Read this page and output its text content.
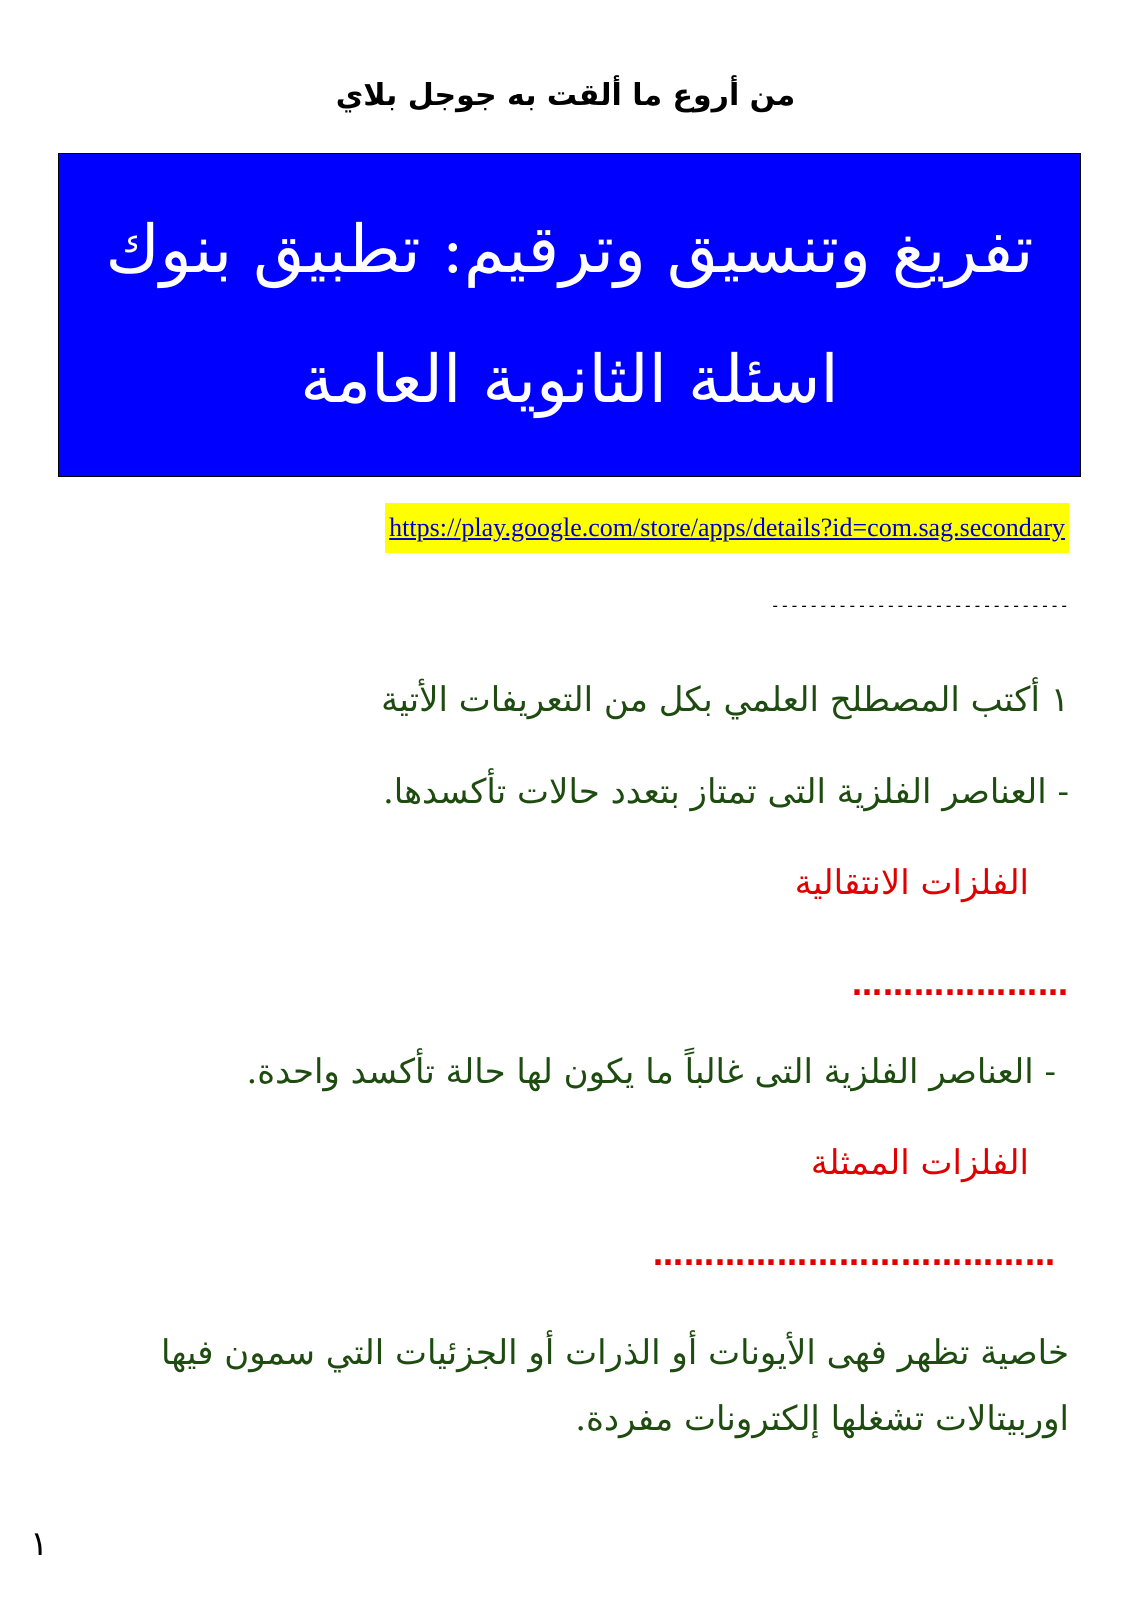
من أروع ما ألقت به جوجل بلاي
تفريغ وتنسيق وترقيم: تطبيق بنوك اسئلة الثانوية العامة
https://play.google.com/store/apps/details?id=com.sag.secondary
-------------------------------
١ أكتب المصطلح العلمي بكل من التعريفات الأتية
- العناصر الفلزية التى تمتاز بتعدد حالات تأكسدها.
الفلزات الانتقالية
…………………
- العناصر الفلزية التى غالباً ما يكون لها حالة تأكسد واحدة.
الفلزات الممثلة
…………………………………
خاصية تظهر فهى الأيونات أو الذرات أو الجزئيات التي سمون فيها اوربيتالات تشغلها إلكترونات مفردة.
١
